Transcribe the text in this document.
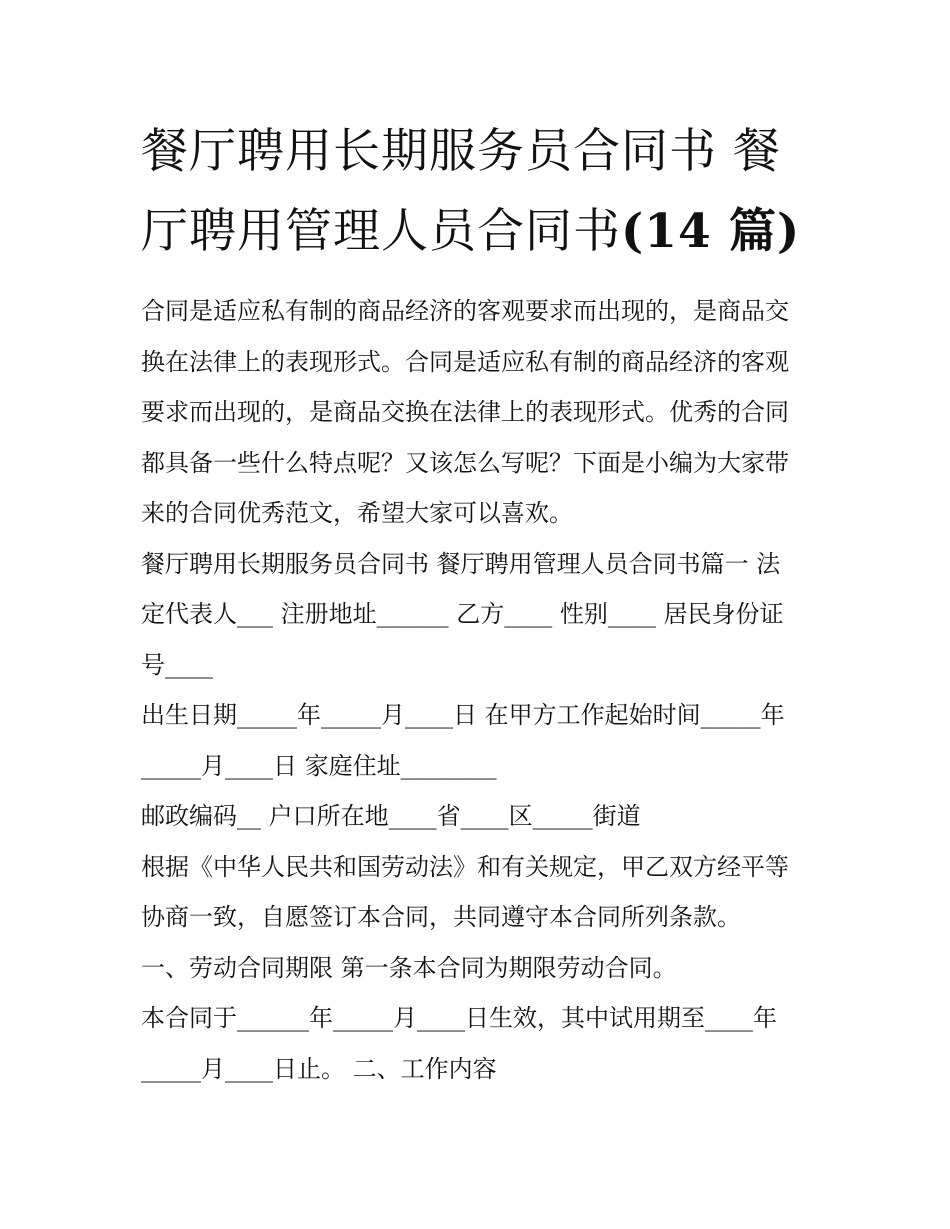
餐厅聘用长期服务员合同书 餐
厅聘用管理人员合同书(14 篇)

合同是适应私有制的商品经济的客观要求而出现的，是商品交
换在法律上的表现形式。合同是适应私有制的商品经济的客观
要求而出现的，是商品交换在法律上的表现形式。优秀的合同
都具备一些什么特点呢？又该怎么写呢？下面是小编为大家带
来的合同优秀范文，希望大家可以喜欢。

餐厅聘用长期服务员合同书 餐厅聘用管理人员合同书篇一 法
定代表人___ 注册地址______ 乙方____ 性别____ 居民身份证
号____

出生日期_____年_____月____日 在甲方工作起始时间_____年
_____月____日 家庭住址________

邮政编码__ 户口所在地____省____区_____街道

根据《中华人民共和国劳动法》和有关规定，甲乙双方经平等
协商一致，自愿签订本合同，共同遵守本合同所列条款。

一、劳动合同期限 第一条本合同为期限劳动合同。

本合同于______年_____月____日生效，其中试用期至____年
_____月____日止。 二、工作内容
